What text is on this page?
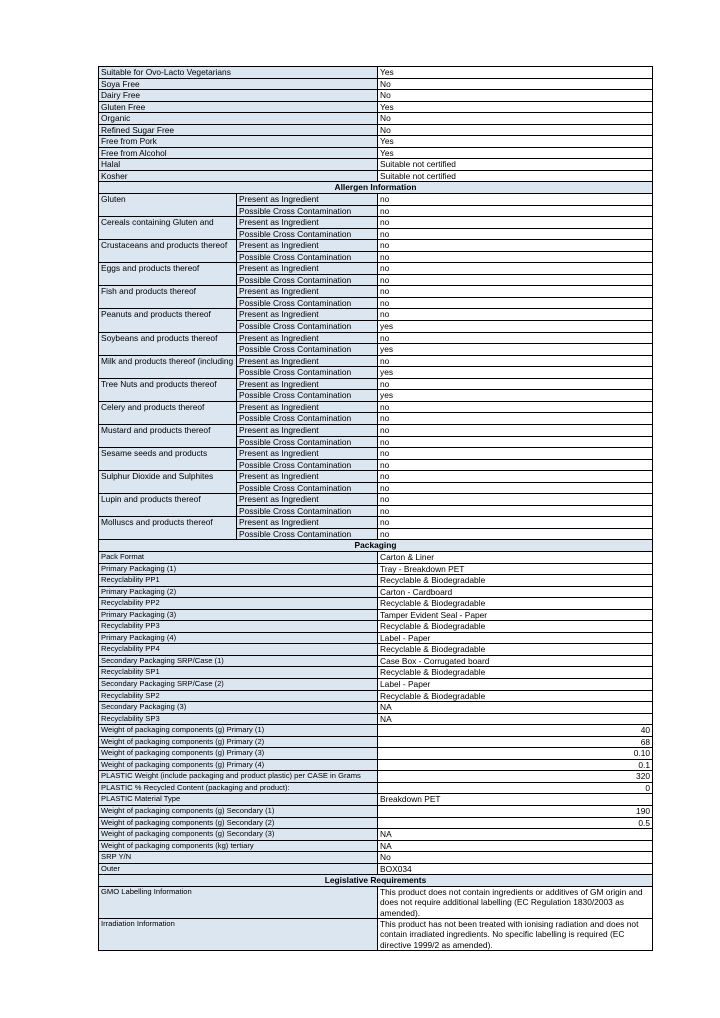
Suitable for Ovo-Lacto Vegetarians		Yes
Soya Free		No
Dairy Free		No
Gluten Free		Yes
Organic		No
Refined Sugar Free		No
Free from Pork		Yes
Free from Alcohol		Yes
Halal		Suitable not certified
Kosher		Suitable not certified
Allergen Information		
Gluten	Present as Ingredient	no
	Possible Cross Contamination	no
Cereals containing Gluten and	Present as Ingredient	no
	Possible Cross Contamination	no
Crustaceans and products thereof	Present as Ingredient	no
	Possible Cross Contamination	no
Eggs and products thereof	Present as Ingredient	no
	Possible Cross Contamination	no
Fish and products thereof	Present as Ingredient	no
	Possible Cross Contamination	no
Peanuts and products thereof	Present as Ingredient	no
	Possible Cross Contamination	yes
Soybeans and products thereof	Present as Ingredient	no
	Possible Cross Contamination	yes
Milk and products thereof (including	Present as Ingredient	no
	Possible Cross Contamination	yes
Tree Nuts and products thereof	Present as Ingredient	no
	Possible Cross Contamination	yes
Celery and products thereof	Present as Ingredient	no
	Possible Cross Contamination	no
Mustard and products thereof	Present as Ingredient	no
	Possible Cross Contamination	no
Sesame seeds and products	Present as Ingredient	no
	Possible Cross Contamination	no
Sulphur Dioxide and Sulphites	Present as Ingredient	no
	Possible Cross Contamination	no
Lupin and products thereof	Present as Ingredient	no
	Possible Cross Contamination	no
Molluscs and products thereof	Present as Ingredient	no
	Possible Cross Contamination	no
Packaging		
Pack Format		Carton & Liner
Primary Packaging (1)		Tray - Breakdown PET
Recyclability PP1		Recyclable & Biodegradable
Primary Packaging (2)		Carton - Cardboard
Recyclability PP2		Recyclable & Biodegradable
Primary Packaging (3)		Tamper Evident Seal - Paper
Recyclability PP3		Recyclable & Biodegradable
Primary Packaging (4)		Label - Paper
Recyclability PP4		Recyclable & Biodegradable
Secondary Packaging SRP/Case (1)		Case Box - Corrugated board
Recyclability SP1		Recyclable & Biodegradable
Secondary Packaging SRP/Case (2)		Label - Paper
Recyclability SP2		Recyclable & Biodegradable
Secondary Packaging (3)		NA
Recyclability SP3		NA
Weight of packaging components (g) Primary (1)		40
Weight of packaging components (g) Primary (2)		68
Weight of packaging components (g) Primary (3)		0.10
Weight of packaging components (g) Primary (4)		0.1
PLASTIC Weight (include packaging and product plastic) per CASE in Grams		320
PLASTIC % Recycled Content (packaging and product):		0
PLASTIC Material Type		Breakdown PET
Weight of packaging components (g) Secondary (1)		190
Weight of packaging components (g) Secondary (2)		0.5
Weight of packaging components (g) Secondary (3)		NA
Weight of packaging components (kg) tertiary		NA
SRP Y/N		No
Outer		BOX034
Legislative Requirements		
GMO Labelling Information		This product does not contain ingredients or additives of GM origin and does not require additional labelling (EC Regulation 1830/2003 as amended).
Irradiation Information		This product has not been treated with ionising radiation and does not contain irradiated ingredients. No specific labelling is required (EC directive 1999/2 as amended).
